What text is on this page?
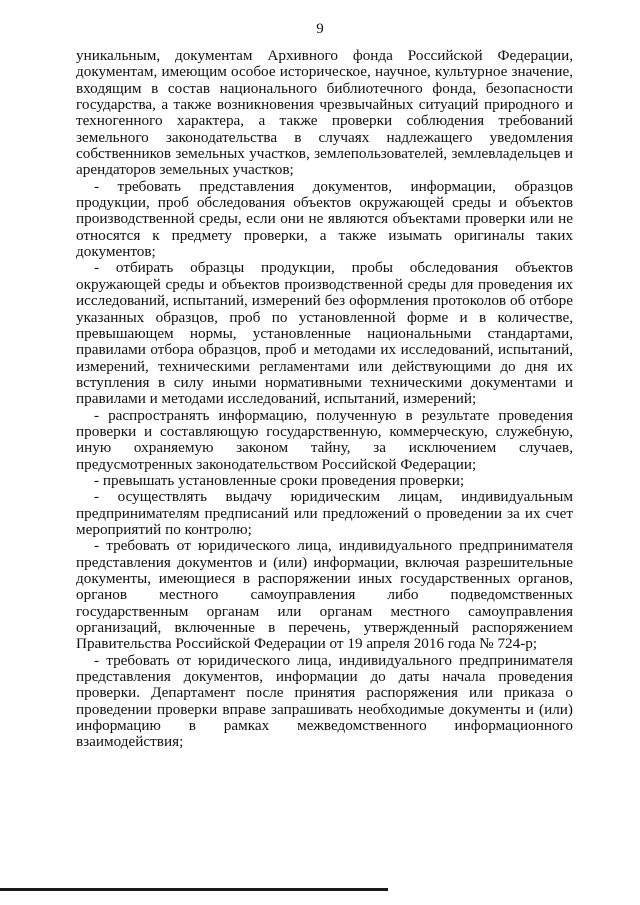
9

уникальным, документам Архивного фонда Российской Федерации, документам, имеющим особое историческое, научное, культурное значение, входящим в состав национального библиотечного фонда, безопасности государства, а также возникновения чрезвычайных ситуаций природного и техногенного характера, а также проверки соблюдения требований земельного законодательства в случаях надлежащего уведомления собственников земельных участков, землепользователей, землевладельцев и арендаторов земельных участков;

- требовать представления документов, информации, образцов продукции, проб обследования объектов окружающей среды и объектов производственной среды, если они не являются объектами проверки или не относятся к предмету проверки, а также изымать оригиналы таких документов;

- отбирать образцы продукции, пробы обследования объектов окружающей среды и объектов производственной среды для проведения их исследований, испытаний, измерений без оформления протоколов об отборе указанных образцов, проб по установленной форме и в количестве, превышающем нормы, установленные национальными стандартами, правилами отбора образцов, проб и методами их исследований, испытаний, измерений, техническими регламентами или действующими до дня их вступления в силу иными нормативными техническими документами и правилами и методами исследований, испытаний, измерений;

- распространять информацию, полученную в результате проведения проверки и составляющую государственную, коммерческую, служебную, иную охраняемую законом тайну, за исключением случаев, предусмотренных законодательством Российской Федерации;

- превышать установленные сроки проведения проверки;

- осуществлять выдачу юридическим лицам, индивидуальным предпринимателям предписаний или предложений о проведении за их счет мероприятий по контролю;

- требовать от юридического лица, индивидуального предпринимателя представления документов и (или) информации, включая разрешительные документы, имеющиеся в распоряжении иных государственных органов, органов местного самоуправления либо подведомственных государственным органам или органам местного самоуправления организаций, включенные в перечень, утвержденный распоряжением Правительства Российской Федерации от 19 апреля 2016 года № 724-р;

- требовать от юридического лица, индивидуального предпринимателя представления документов, информации до даты начала проведения проверки. Департамент после принятия распоряжения или приказа о проведении проверки вправе запрашивать необходимые документы и (или) информацию в рамках межведомственного информационного взаимодействия;
